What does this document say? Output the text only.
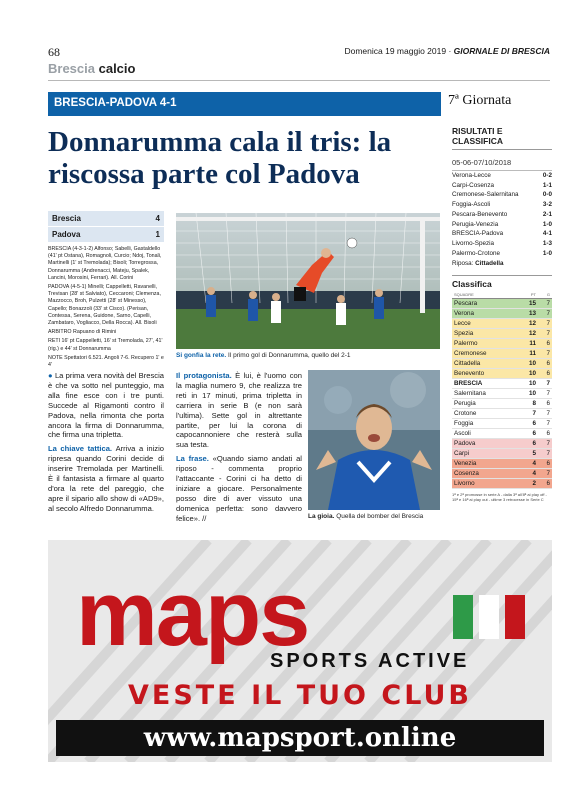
68	Domenica 19 maggio 2019 · GIORNALE DI BRESCIA
Brescia calcio
BRESCIA-PADOVA 4-1	7ª Giornata
Donnarumma cala il tris: la riscossa parte col Padova
Brescia	4
Padova	1

BRESCIA (4-3-1-2) Alfonso; Sabelli, Gastaldello (41' pt Ostana), Romagnoli, Curcio; Ndoj, Tonali, Martinelli (1' st Tremolada); Bisoli; Torregrossa, Donnarumma (Andrenacci, Mateju, Spalek, Lancini, Morosini, Ferrari). All. Corini

PADOVA (4-5-1) Minelli; Cappelletti, Ravanelli, Trevisan (28' st Salviato), Ceccaroni; Clemenza, Mazzocco, Broh, Pulzetti (28' st Minesso), Capello; Bonazzoli (33' st Cisco). (Perisan, Contessa, Serena, Guidone, Sarno, Capelli, Zambataro, Vogliacco, Della Rocca). All. Bisoli

ARBITRO Rapuano di Rimini

RETI 16' pt Cappelletti, 16' st Tremolada, 27', 41' (rig.) e 44' st Donnarumma

NOTE Spettatori 6.521. Angoli 7-6. Recupero 1' e 4'

Si gonfia la rete. Il primo gol di Donnarumma, quello del 2-1

● La prima vera novità del Brescia è che va sotto nel punteggio, ma alla fine esce con i tre punti. Succede al Rigamonti contro il Padova, nella rimonta che porta ancora la firma di Donnarumma, che firma una tripletta.

La chiave tattica. Arriva a inizio ripresa quando Corini decide di inserire Tremolada per Martinelli. È il fantasista a firmare al quarto d'ora la rete del pareggio, che apre il sipario allo show di «AD9», al secolo Alfredo Donnarumma.

Il protagonista. È lui, è l'uomo con la maglia numero 9, che realizza tre reti in 17 minuti, prima tripletta in carriera in serie B (e non sarà l'ultima). Sette gol in altrettante partite, per lui la corona di capocannoniere che resterà sulla sua testa.

La frase. «Quando siamo andati al riposo - commenta proprio l'attaccante - Corini ci ha detto di iniziare a giocare. Personalmente posso dire di aver vissuto una domenica perfetta: sono davvero felice». //	La gioia. Quella del bomber del Brescia
RISULTATI E CLASSIFICA
05-06-07/10/2018
Verona-Lecce	0-2
Carpi-Cosenza	1-1
Cremonese-Salernitana	0-0
Foggia-Ascoli	3-2
Pescara-Benevento	2-1
Perugia-Venezia	1-0
BRESCIA-Padova	4-1
Livorno-Spezia	1-3
Palermo-Crotone	1-0
Riposa: Cittadella
Classifica
SQUADRE	PT	G
Pescara	15	7
Verona	13	7
Lecce	12	7
Spezia	12	7
Palermo	11	6
Cremonese	11	7
Cittadella	10	6
Benevento	10	6
BRESCIA	10	7
Salernitana	10	7
Perugia	8	6
Crotone	7	7
Foggia	6	7
Ascoli	6	6
Padova	6	7
Carpi	5	7
Venezia	4	6
Cosenza	4	7
Livorno	2	6
1ª e 2ª promosse in serie A - dalla 3ª all'8ª ai play off - 15ª e 16ª ai play out - ultime 3 retrocesse in Serie C
maps
SPORTS ACTIVE
VESTE IL TUO CLUB
www.mapsport.online
